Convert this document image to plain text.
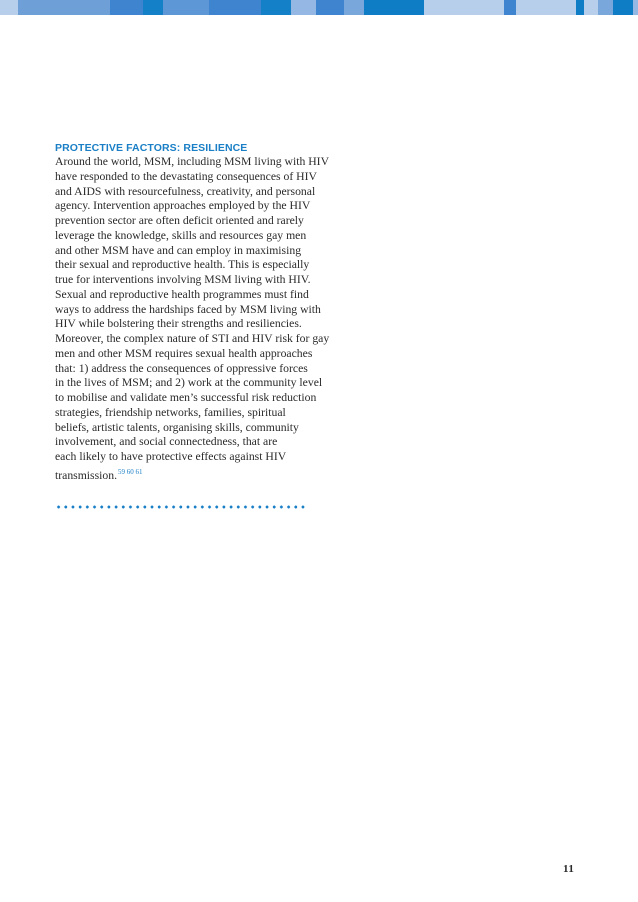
PROTECTIVE FACTORS: RESILIENCE
Around the world, MSM, including MSM living with HIV
have responded to the devastating consequences of HIV
and AIDS with resourcefulness, creativity, and personal
agency. Intervention approaches employed by the HIV
prevention sector are often deficit oriented and rarely
leverage the knowledge, skills and resources gay men
and other MSM have and can employ in maximising
their sexual and reproductive health. This is especially
true for interventions involving MSM living with HIV.
Sexual and reproductive health programmes must find
ways to address the hardships faced by MSM living with
HIV while bolstering their strengths and resiliencies.
Moreover, the complex nature of STI and HIV risk for gay
men and other MSM requires sexual health approaches
that: 1) address the consequences of oppressive forces
in the lives of MSM; and 2) work at the community level
to mobilise and validate men’s successful risk reduction
strategies, friendship networks, families, spiritual
beliefs, artistic talents, organising skills, community
involvement, and social connectedness, that are
each likely to have protective effects against HIV
transmission.$^{59 60 61}$
11
